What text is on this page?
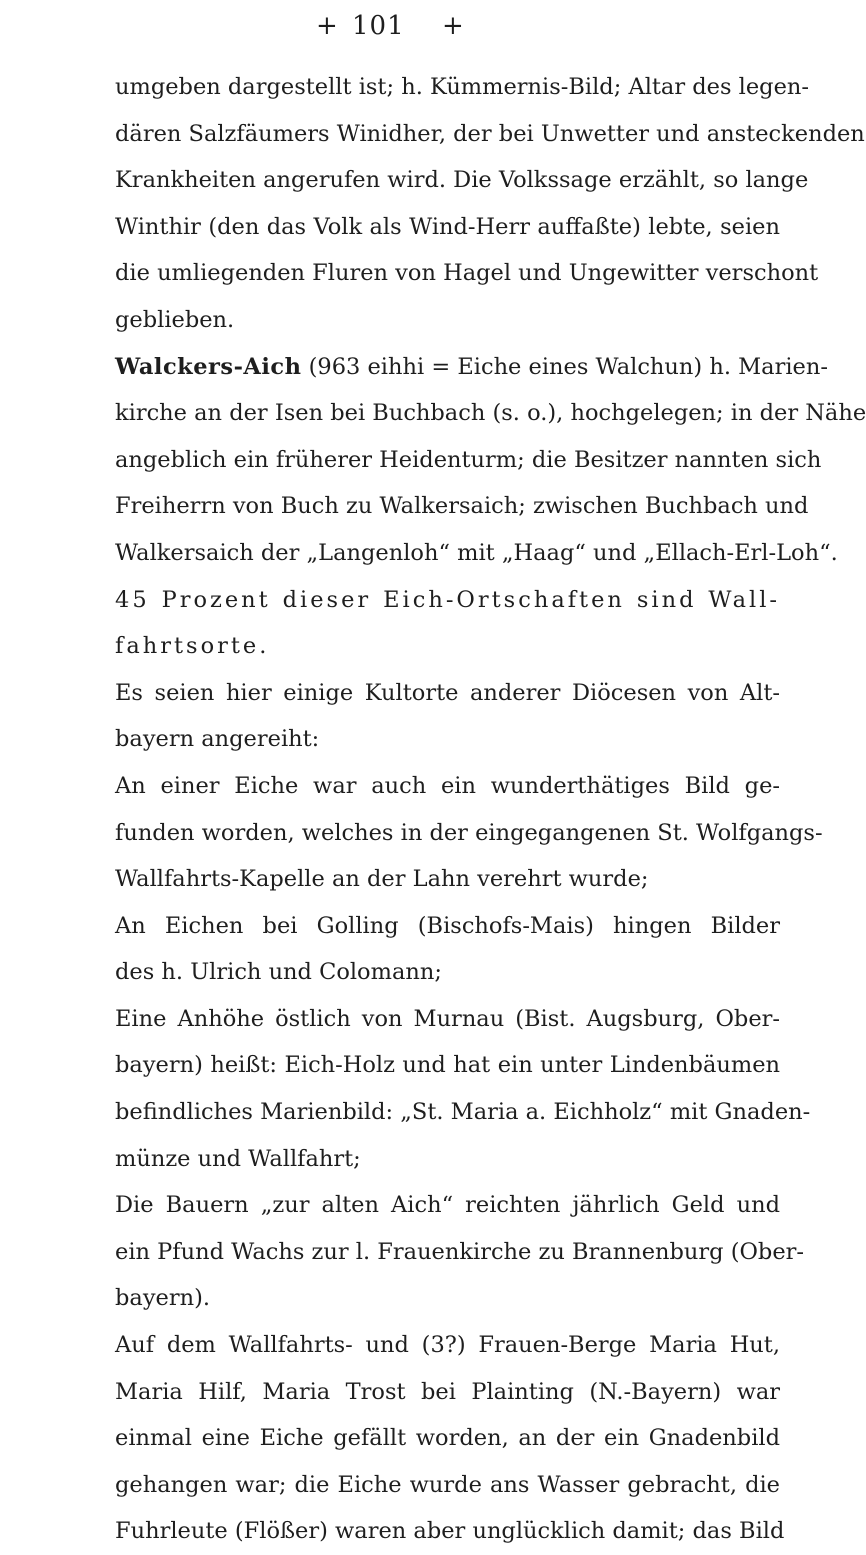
+ 101 +
umgeben dargestellt ist; h. Kümmernis-Bild; Altar des legen-
dären Salzfäumers Winidher, der bei Unwetter und ansteckenden
Krankheiten angerufen wird. Die Volkssage erzählt, so lange
Winthir (den das Volk als Wind-Herr auffaßte) lebte, seien
die umliegenden Fluren von Hagel und Ungewitter verschont
geblieben.
Walckers-Aich (963 eihhi = Eiche eines Walchun) h. Marien-
kirche an der Isen bei Buchbach (s. o.), hochgelegen; in der Nähe
angeblich ein früherer Heidenturm; die Besitzer nannten sich
Freiherrn von Buch zu Walkersaich; zwischen Buchbach und
Walkersaich der „Langenloh“ mit „Haag“ und „Ellach-Erl-Loh“.
45 Prozent dieser Eich-Ortschaften sind Wall-
fahrtsorte.
Es seien hier einige Kultorte anderer Diöcesen von Alt-
bayern angereiht:
An einer Eiche war auch ein wunderthätiges Bild ge-
funden worden, welches in der eingegangenen St. Wolfgangs-
Wallfahrts-Kapelle an der Lahn verehrt wurde;
An Eichen bei Golling (Bischofs-Mais) hingen Bilder
des h. Ulrich und Colomann;
Eine Anhöhe östlich von Murnau (Bist. Augsburg, Ober-
bayern) heißt: Eich-Holz und hat ein unter Lindenbäumen
befindliches Marienbild: „St. Maria a. Eichholz“ mit Gnaden-
münze und Wallfahrt;
Die Bauern „zur alten Aich“ reichten jährlich Geld und
ein Pfund Wachs zur l. Frauenkirche zu Brannenburg (Ober-
bayern).
Auf dem Wallfahrts- und (3?) Frauen-Berge Maria Hut,
Maria Hilf, Maria Trost bei Plainting (N.-Bayern) war
einmal eine Eiche gefällt worden, an der ein Gnadenbild
gehangen war; die Eiche wurde ans Wasser gebracht, die
Fuhrleute (Flößer) waren aber unglücklich damit; das Bild
